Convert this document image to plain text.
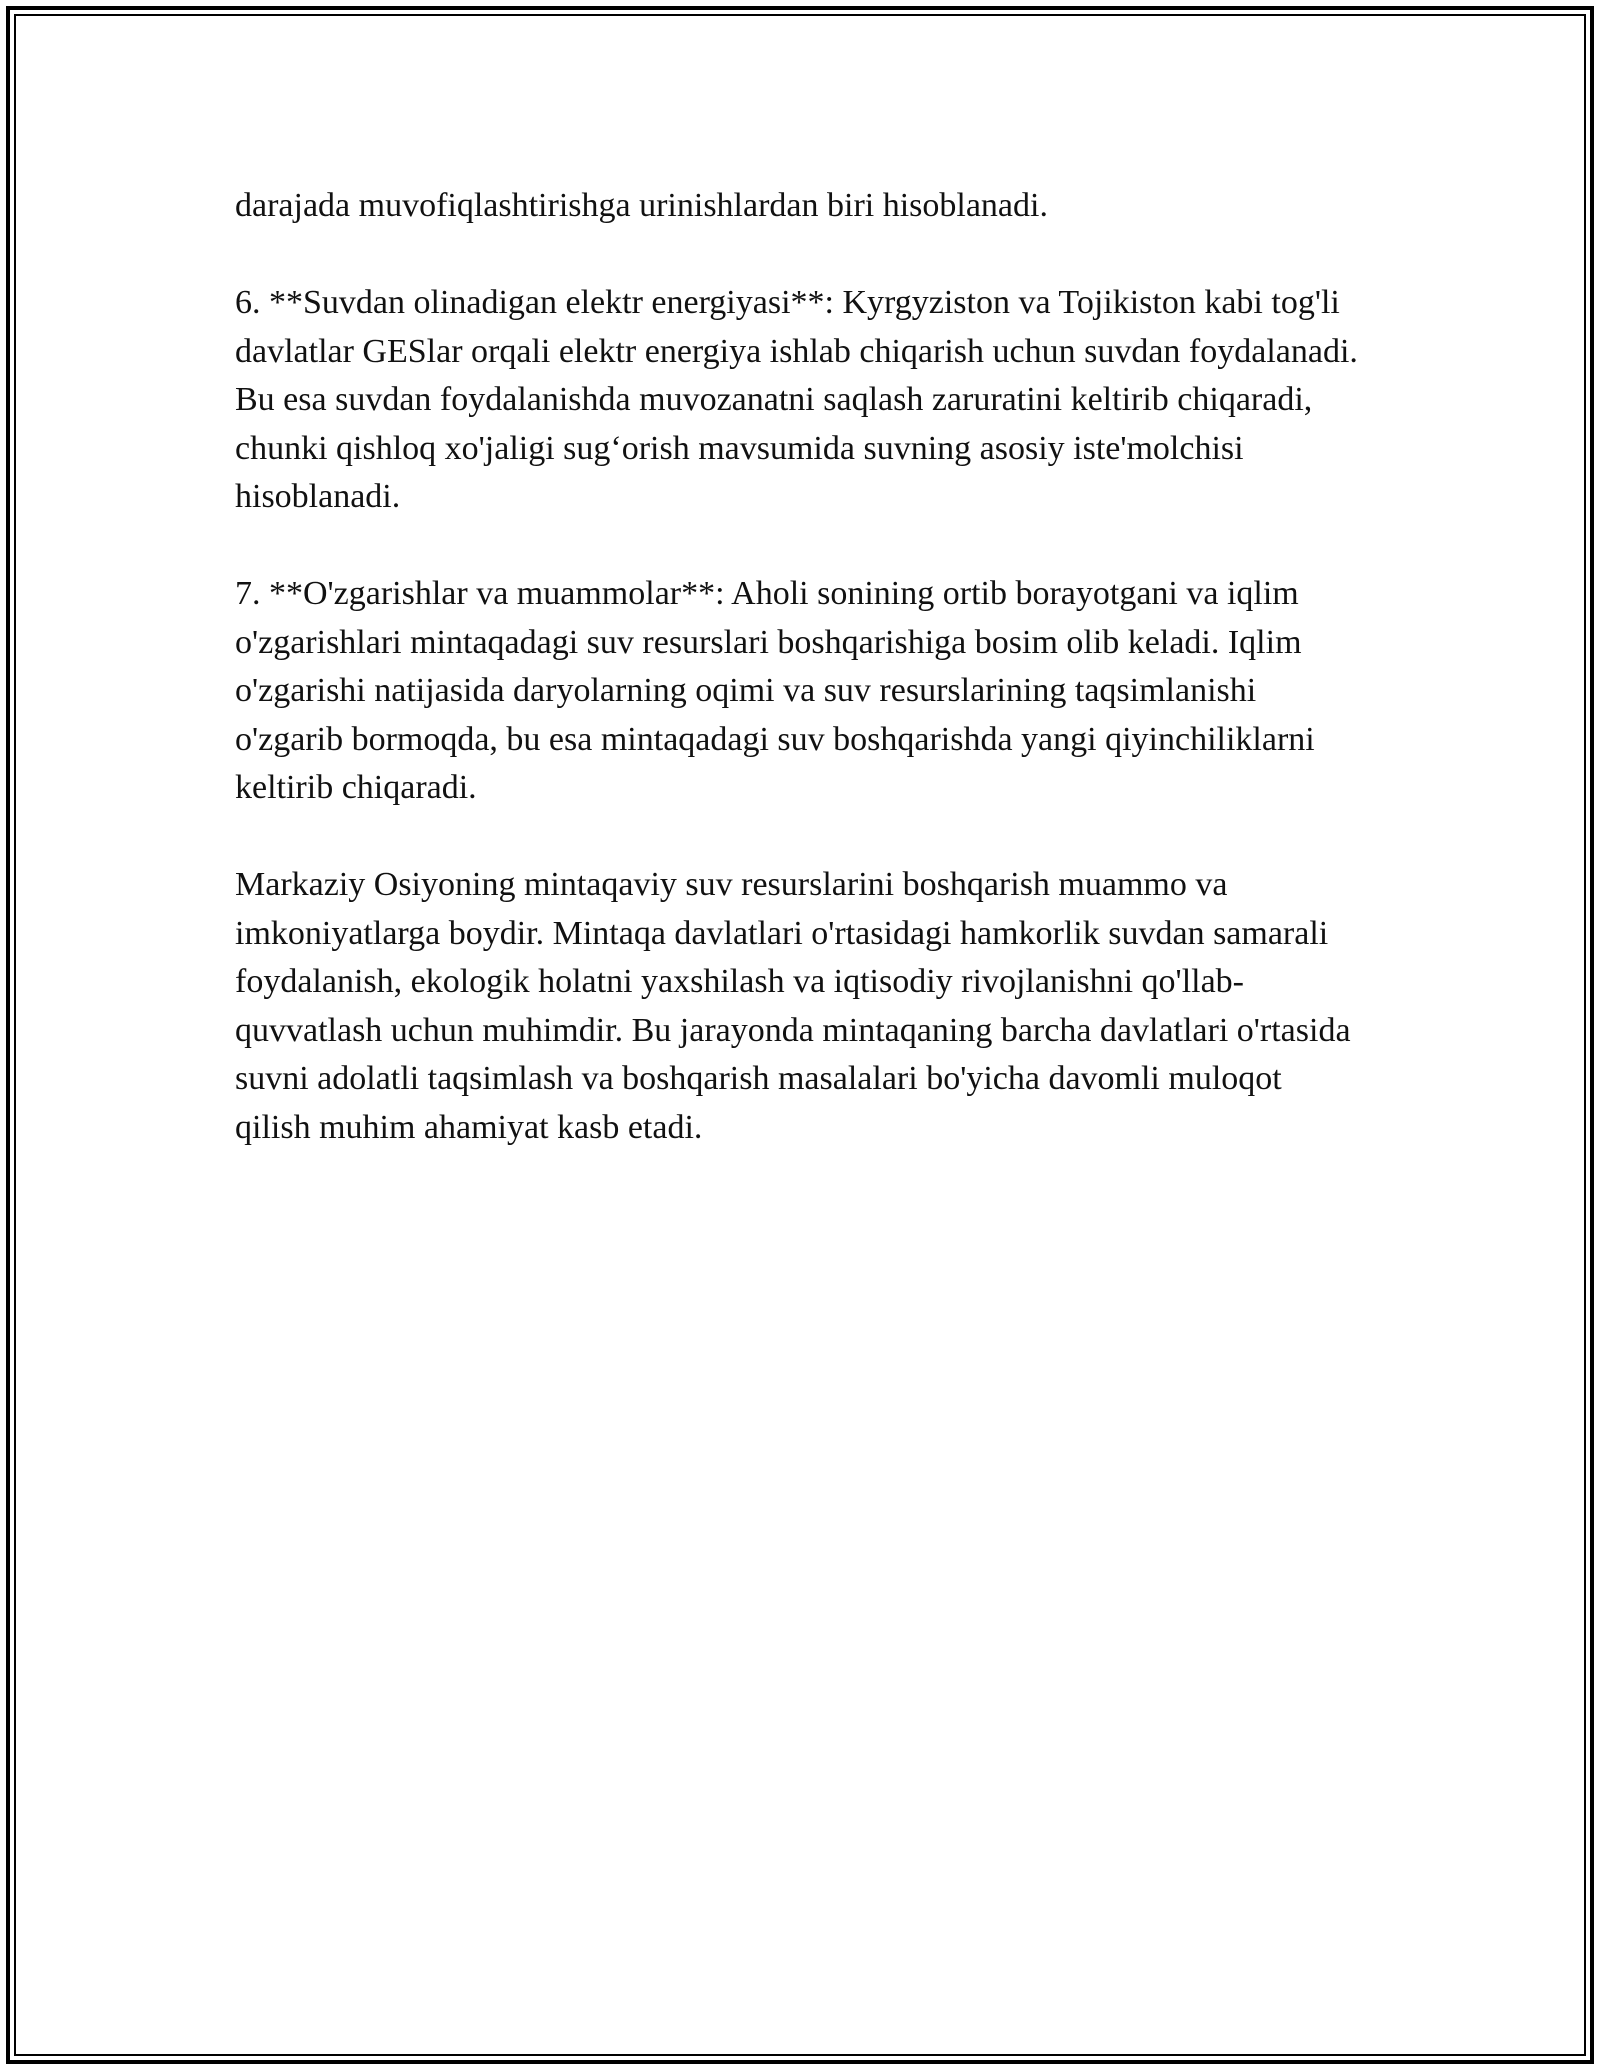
darajada muvofiqlashtirishga urinishlardan biri hisoblanadi.

6. **Suvdan olinadigan elektr energiyasi**: Kyrgyziston va Tojikiston kabi tog'li davlatlar GESlar orqali elektr energiya ishlab chiqarish uchun suvdan foydalanadi. Bu esa suvdan foydalanishda muvozanatni saqlash zaruratini keltirib chiqaradi, chunki qishloq xo'jaligi sug‘orish mavsumida suvning asosiy iste'molchisi hisoblanadi.

7. **O'zgarishlar va muammolar**: Aholi sonining ortib borayotgani va iqlim o'zgarishlari mintaqadagi suv resurslari boshqarishiga bosim olib keladi. Iqlim o'zgarishi natijasida daryolarning oqimi va suv resurslarining taqsimlanishi o'zgarib bormoqda, bu esa mintaqadagi suv boshqarishda yangi qiyinchiliklarni keltirib chiqaradi.

Markaziy Osiyoning mintaqaviy suv resurslarini boshqarish muammo va imkoniyatlarga boydir. Mintaqa davlatlari o'rtasidagi hamkorlik suvdan samarali foydalanish, ekologik holatni yaxshilash va iqtisodiy rivojlanishni qo'llab-quvvatlash uchun muhimdir. Bu jarayonda mintaqaning barcha davlatlari o'rtasida suvni adolatli taqsimlash va boshqarish masalalari bo'yicha davomli muloqot qilish muhim ahamiyat kasb etadi.
